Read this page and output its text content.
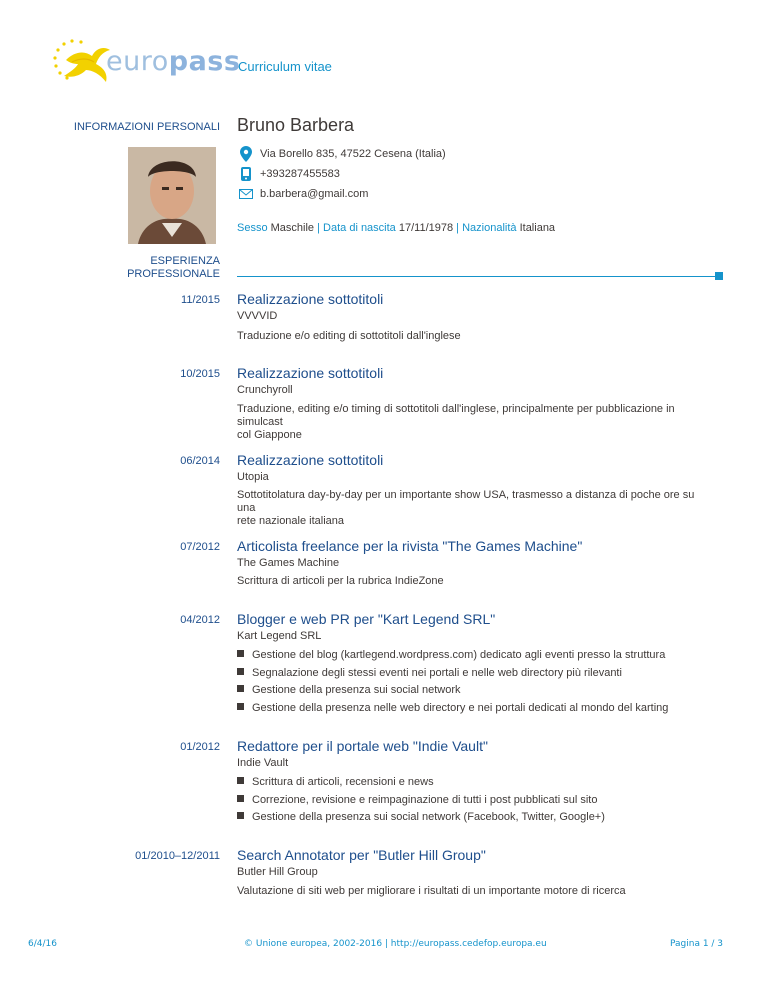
europass
Curriculum vitae
INFORMAZIONI PERSONALI Bruno Barbera
Via Borello 835, 47522 Cesena (Italia)
+393287455583
b.barbera@gmail.com
Sesso Maschile | Data di nascita 17/11/1978 | Nazionalità Italiana
ESPERIENZA
PROFESSIONALE
11/2015 Realizzazione sottotitoli
VVVVID
Traduzione e/o editing di sottotitoli dall'inglese
10/2015 Realizzazione sottotitoli
Crunchyroll
Traduzione, editing e/o timing di sottotitoli dall'inglese, principalmente per pubblicazione in simulcast
col Giappone
06/2014 Realizzazione sottotitoli
Utopia
Sottotitolatura day-by-day per un importante show USA, trasmesso a distanza di poche ore su una
rete nazionale italiana
07/2012 Articolista freelance per la rivista "The Games Machine"
The Games Machine
Scrittura di articoli per la rubrica IndieZone
04/2012 Blogger e web PR per "Kart Legend SRL"
Kart Legend SRL
Gestione del blog (kartlegend.wordpress.com) dedicato agli eventi presso la struttura
Segnalazione degli stessi eventi nei portali e nelle web directory più rilevanti
Gestione della presenza sui social network
Gestione della presenza nelle web directory e nei portali dedicati al mondo del karting
01/2012 Redattore per il portale web "Indie Vault"
Indie Vault
Scrittura di articoli, recensioni e news
Correzione, revisione e reimpaginazione di tutti i post pubblicati sul sito
Gestione della presenza sui social network (Facebook, Twitter, Google+)
01/2010–12/2011 Search Annotator per "Butler Hill Group"
Butler Hill Group
Valutazione di siti web per migliorare i risultati di un importante motore di ricerca
6/4/16	© Unione europea, 2002-2016 | http://europass.cedefop.europa.eu	Pagina 1 / 3
